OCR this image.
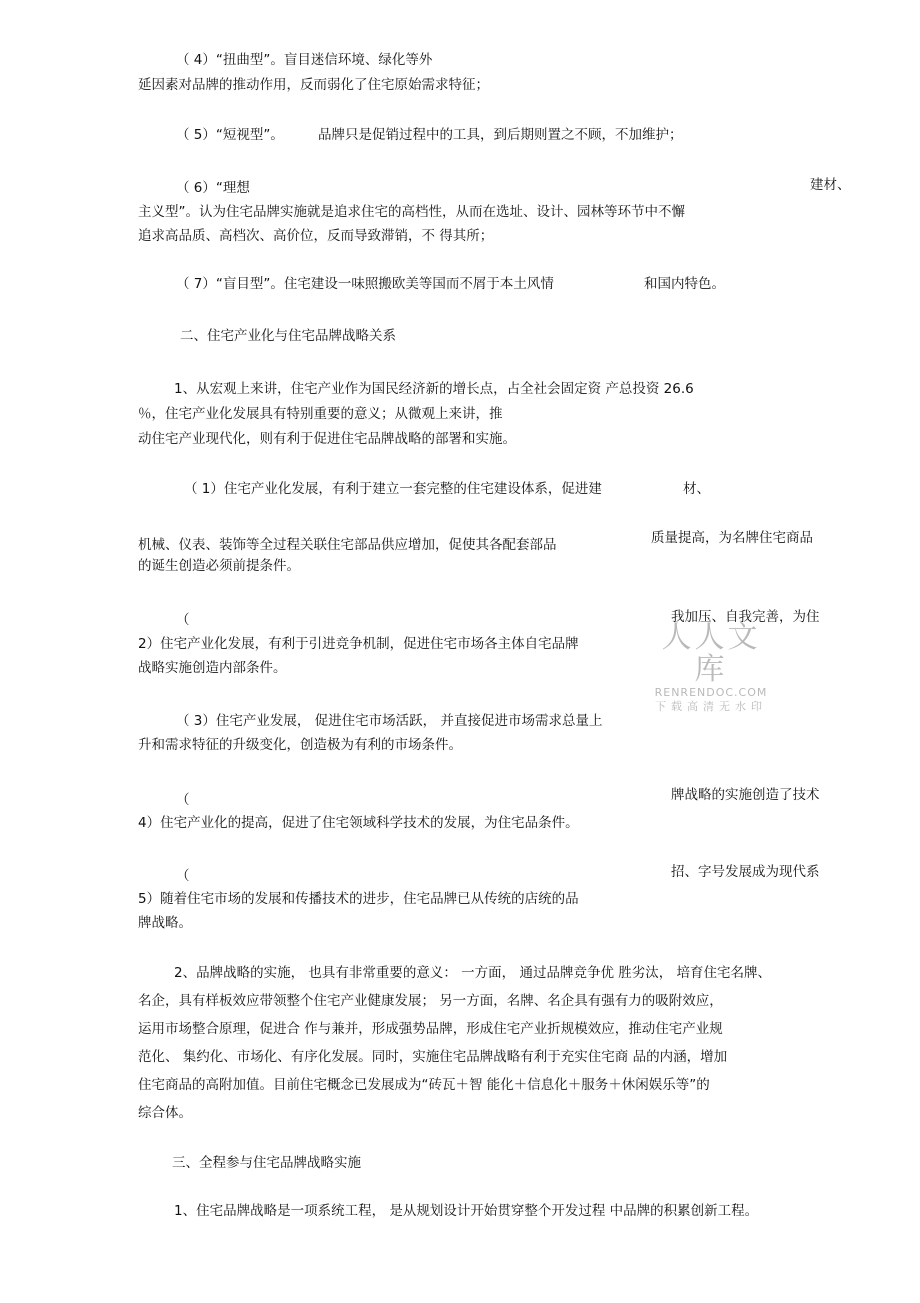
（ 4）“扭曲型”。盲目迷信环境、绿化等外
延因素对品牌的推动作用，反而弱化了住宅原始需求特征；
（ 5）“短视型”。	品牌只是促销过程中的工具，到后期则置之不顾，不加维护；
（ 6）“理想	建材、
主义型”。认为住宅品牌实施就是追求住宅的高档性，从而在选址、设计、园林等环节中不懈
追求高品质、高档次、高价位，反而导致滞销，不 得其所；
（ 7）“盲目型”。住宅建设一味照搬欧美等国而不屑于本土风情	和国内特色。
二、住宅产业化与住宅品牌战略关系
1、从宏观上来讲，住宅产业作为国民经济新的增长点，占全社会固定资 产总投资 26.6
％，住宅产业化发展具有特别重要的意义；从微观上来讲，推
动住宅产业现代化，则有利于促进住宅品牌战略的部署和实施。
（ 1）住宅产业化发展，有利于建立一套完整的住宅建设体系，促进建	材、
质量提高，为名牌住宅商品
机械、仪表、装饰等全过程关联住宅部品供应增加，促使其各配套部品
的诞生创造必须前提条件。
（	我加压、自我完善，为住
2）住宅产业化发展，有利于引进竞争机制，促进住宅市场各主体自宅品牌
战略实施创造内部条件。
（ 3）住宅产业发展， 促进住宅市场活跃， 并直接促进市场需求总量上
升和需求特征的升级变化，创造极为有利的市场条件。
（	牌战略的实施创造了技术
4）住宅产业化的提高，促进了住宅领域科学技术的发展，为住宅品条件。
（	招、字号发展成为现代系
5）随着住宅市场的发展和传播技术的进步，住宅品牌已从传统的店统的品
牌战略。
2、品牌战略的实施， 也具有非常重要的意义： 一方面， 通过品牌竞争优 胜劣汰， 培育住宅名牌、
名企，具有样板效应带领整个住宅产业健康发展； 另一方面，名牌、名企具有强有力的吸附效应，
运用市场整合原理，促进合 作与兼并，形成强势品牌，形成住宅产业折规模效应，推动住宅产业规
范化、 集约化、市场化、有序化发展。同时，实施住宅品牌战略有利于充实住宅商 品的内涵，增加
住宅商品的高附加值。目前住宅概念已发展成为“砖瓦＋智 能化＋信息化＋服务＋休闲娱乐等”的
综合体。
三、全程参与住宅品牌战略实施
1、住宅品牌战略是一项系统工程， 是从规划设计开始贯穿整个开发过程 中品牌的积累创新工程。
人人文库
RENRENDOC.COM
下载高清无水印
